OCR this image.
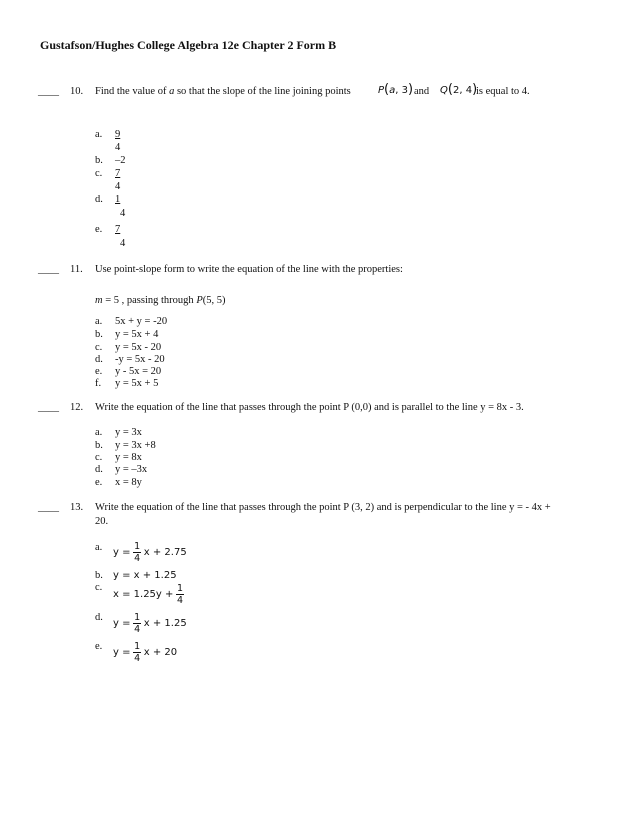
Gustafson/Hughes College Algebra 12e Chapter 2 Form B
____ 10. Find the value of a so that the slope of the line joining points	P(a, 3) and Q(2, 4)
is equal to 4.
a. 9
4
b. –2
c. 7
4
d. 1
4
e. 7
4
____ 11. Use point-slope form to write the equation of the line with the properties:
m = 5 , passing through P(5, 5)
a. 5x + y = -20
b. y = 5x + 4
c. y = 5x - 20
d. -y = 5x - 20
e. y - 5x = 20
f. y = 5x + 5
____ 12. Write the equation of the line that passes through the point P (0,0) and is parallel to the line y = 8x - 3.
a. y = 3x
b. y = 3x +8
c. y = 8x
d. y = –3x
e. x = 8y
____ 13. Write the equation of the line that passes through the point P (3, 2) and is perpendicular to the line y = - 4x +
20.
a. $y = \frac{1}{4}$ x + 2.75
b. y = x + 1.25
c.
$x = 1.25y + \frac{1}{4}$
d.
$y = \frac{1}{4}$ x + 1.25
e.
$y = \frac{1}{4}$ x + 20
